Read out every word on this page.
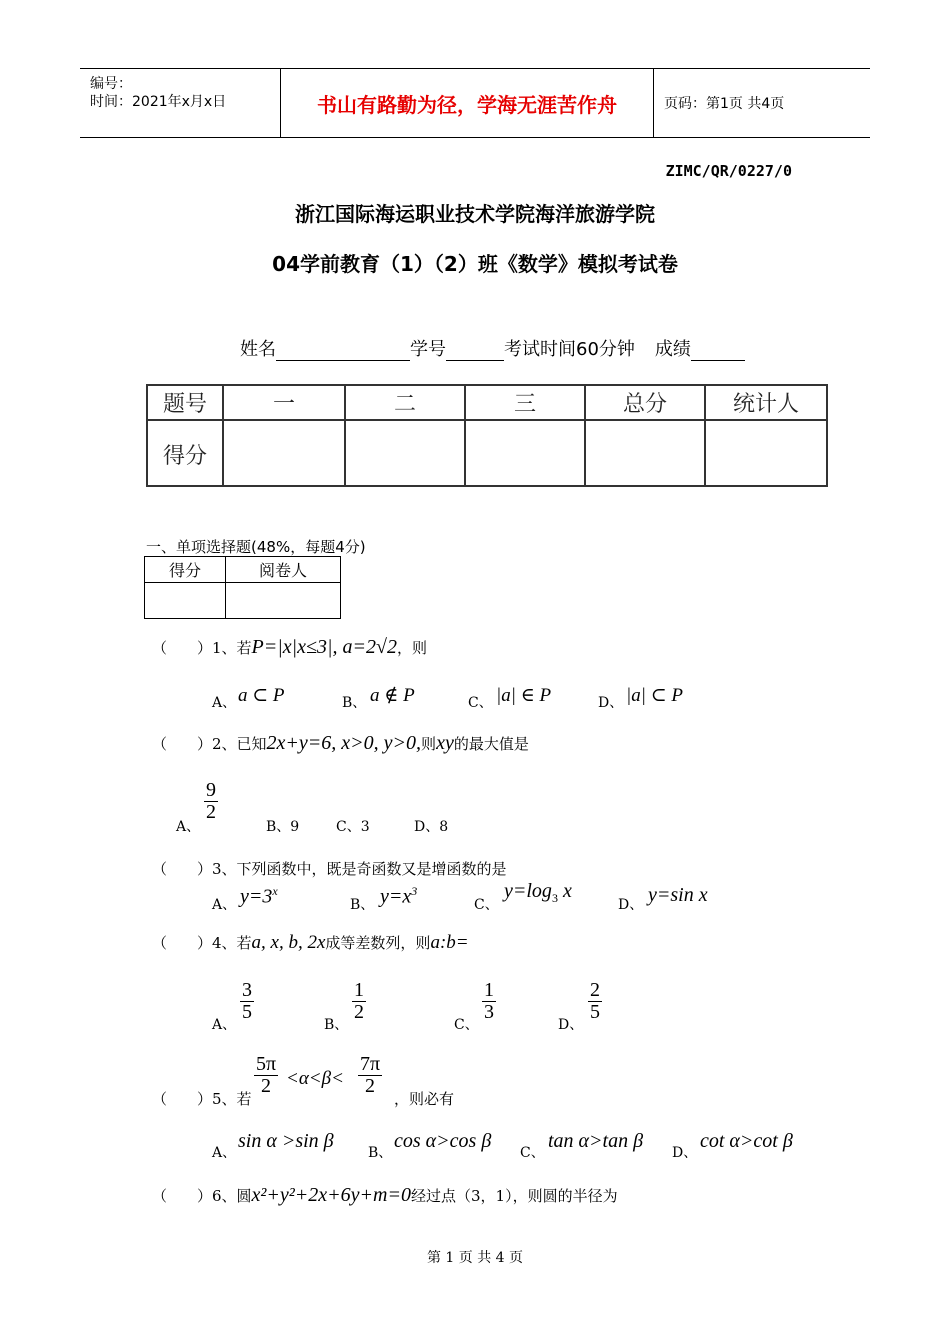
编号：
时间：2021年x月x日	书山有路勤为径，学海无涯苦作舟	页码：第1页 共4页
ZIMC/QR/0227/0
浙江国际海运职业技术学院海洋旅游学院
04学前教育（1）（2）班《数学》模拟考试卷
姓名	学号	考试时间60分钟 成绩
题号	一	二	三	总分	统计人
得分					
一、单项选择题(48%，每题4分)
得分	阅卷人

（　　）1、若P=|x|x≤3|, a=2√2，则
A、 a ⊂ P	B、 a ∉ P	C、 |a| ∈ P	D、 |a| ⊂ P
（　　）2、已知2x+y=6, x>0, y>0,则xy的最大值是
A、
$\frac{9}{2}$
B、9	C、3	D、8
（　　）3、下列函数中，既是奇函数又是增函数的是
A、 $y=3^x$
B、 $y=x^3$
C、
$y=\log_3$ x
D、 y=sin x
（　　）4、若a, x, b, 2x成等差数列，则a:b=
A、
$\frac{3}{5}$
B、
$\frac{1}{2}$
C、
$\frac{1}{3}$
D、
$\frac{2}{5}$
（　　）5、若
$\frac{5\pi}{2} <\alpha<\beta< \frac{7\pi}{2}$
，则必有
A、
sin α >sin β
B、
cos α>cos β
C、
tan α>tan β
D、
cot α>cot β
（　　）6、圆x²+y²+2x+6y+m=0经过点（3，1），则圆的半径为
第 1 页 共 4 页
